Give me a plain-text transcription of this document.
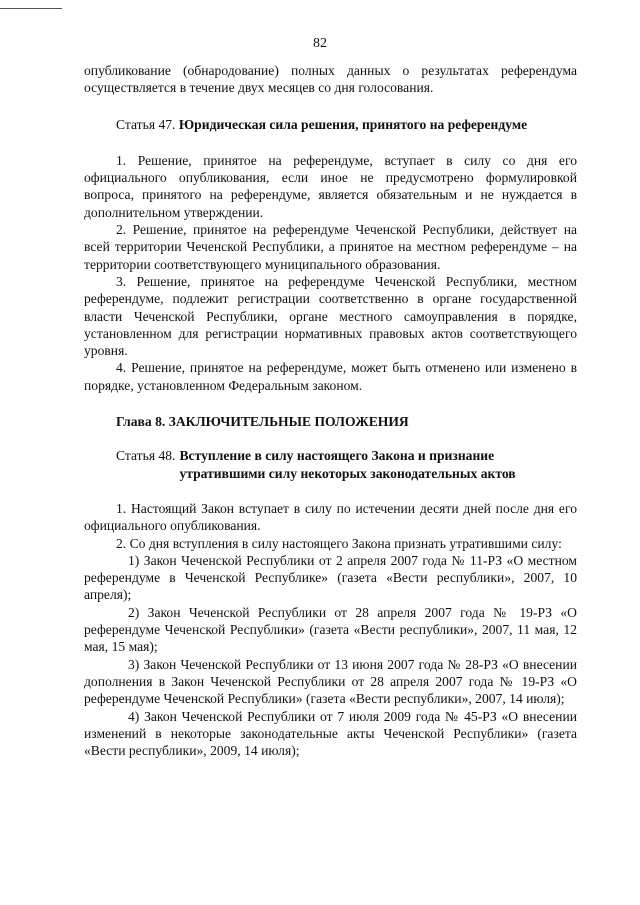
82

опубликование (обнародование) полных данных о результатах референдума осуществляется в течение двух месяцев со дня голосования.

Статья 47. Юридическая сила решения, принятого на референдуме

1. Решение, принятое на референдуме, вступает в силу со дня его официального опубликования, если иное не предусмотрено формулировкой вопроса, принятого на референдуме, является обязательным и не нуждается в дополнительном утверждении.

2. Решение, принятое на референдуме Чеченской Республики, действует на всей территории Чеченской Республики, а принятое на местном референдуме – на территории соответствующего муниципального образования.

3. Решение, принятое на референдуме Чеченской Республики, местном референдуме, подлежит регистрации соответственно в органе государственной власти Чеченской Республики, органе местного самоуправления в порядке, установленном для регистрации нормативных правовых актов соответствующего уровня.

4. Решение, принятое на референдуме, может быть отменено или изменено в порядке, установленном Федеральным законом.

Глава 8. ЗАКЛЮЧИТЕЛЬНЫЕ ПОЛОЖЕНИЯ
Статья 48. Вступление в силу настоящего Закона и признание
утратившими силу некоторых законодательных актов

1. Настоящий Закон вступает в силу по истечении десяти дней после дня его официального опубликования.

2. Со дня вступления в силу настоящего Закона признать утратившими силу:

1) Закон Чеченской Республики от 2 апреля 2007 года № 11-РЗ «О местном референдуме в Чеченской Республике» (газета «Вести республики», 2007, 10 апреля);

2) Закон Чеченской Республики от 28 апреля 2007 года № 19-РЗ «О референдуме Чеченской Республики» (газета «Вести республики», 2007, 11 мая, 12 мая, 15 мая);

3) Закон Чеченской Республики от 13 июня 2007 года № 28-РЗ «О внесении дополнения в Закон Чеченской Республики от 28 апреля 2007 года № 19-РЗ «О референдуме Чеченской Республики» (газета «Вести республики», 2007, 14 июля);

4) Закон Чеченской Республики от 7 июля 2009 года № 45-РЗ «О внесении изменений в некоторые законодательные акты Чеченской Республики» (газета «Вести республики», 2009, 14 июля);
